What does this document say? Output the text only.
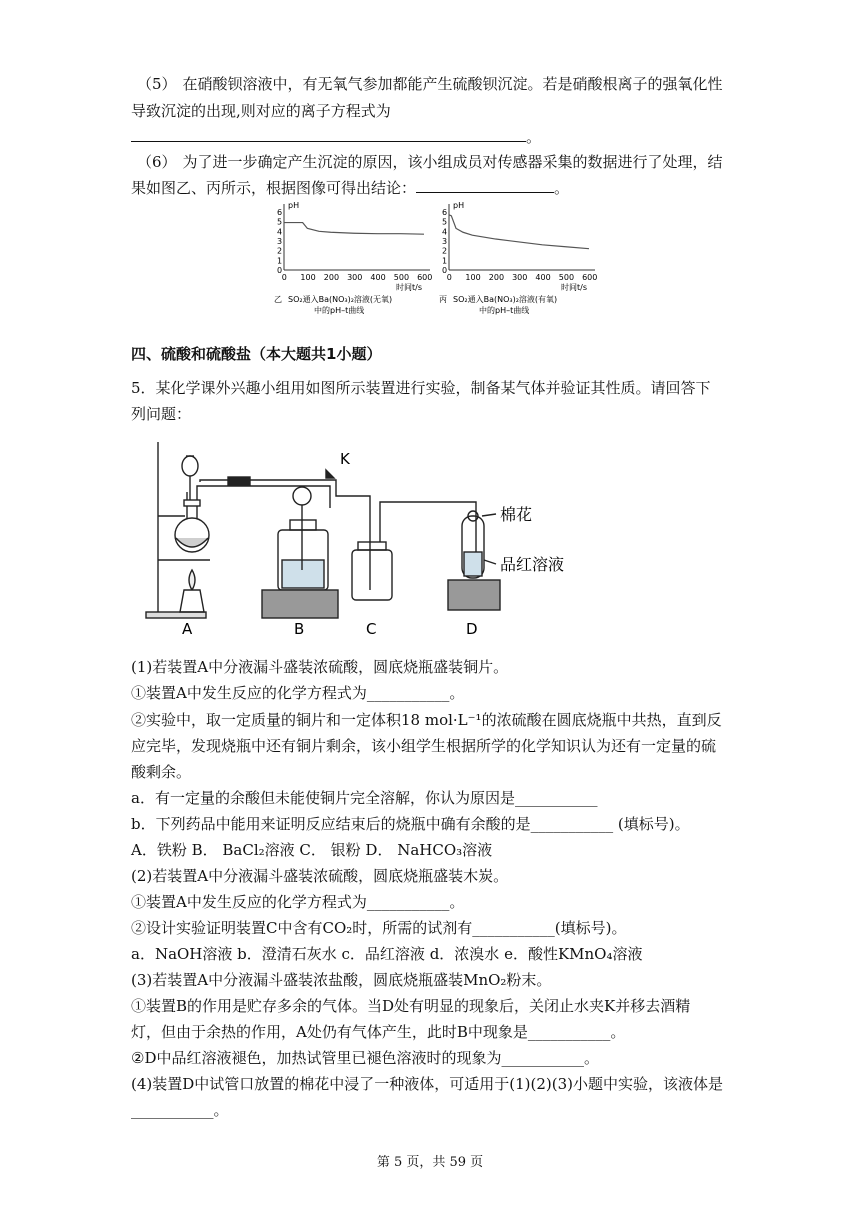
（5） 在硝酸钡溶液中，有无氧气参加都能产生硫酸钡沉淀。若是硝酸根离子的强氧化性
导致沉淀的出现,则对应的离子方程式为
。
（6） 为了进一步确定产生沉淀的原因，该小组成员对传感器采集的数据进行了处理，结
果如图乙、丙所示，根据图像可得出结论：	。
pH
0
1
2
3
4
5
6
0 100 200 300 400 500 600
时间t/s
乙 SO₂通入Ba(NO₃)₂溶液(无氧)
中的pH–t曲线
pH
0
1
2
3
4
5
6
0 100 200 300 400 500 600
时间t/s
丙 SO₂通入Ba(NO₃)₂溶液(有氧)
中的pH–t曲线
四、硫酸和硫酸盐（本大题共1小题）
5．某化学课外兴趣小组用如图所示装置进行实验，制备某气体并验证其性质。请回答下
列问题：
K
棉花
品红溶液
A	B	C	D
(1)若装置A中分液漏斗盛装浓硫酸，圆底烧瓶盛装铜片。
①装置A中发生反应的化学方程式为___________。
②实验中，取一定质量的铜片和一定体积18 mol·L⁻¹的浓硫酸在圆底烧瓶中共热，直到反
应完毕，发现烧瓶中还有铜片剩余，该小组学生根据所学的化学知识认为还有一定量的硫
酸剩余。
a．有一定量的余酸但未能使铜片完全溶解，你认为原因是___________
b．下列药品中能用来证明反应结束后的烧瓶中确有余酸的是___________ (填标号)。
A．铁粉 B． BaCl₂溶液 C． 银粉 D． NaHCO₃溶液
(2)若装置A中分液漏斗盛装浓硫酸，圆底烧瓶盛装木炭。
①装置A中发生反应的化学方程式为___________。
②设计实验证明装置C中含有CO₂时，所需的试剂有___________(填标号)。
a．NaOH溶液 b．澄清石灰水 c．品红溶液 d．浓溴水 e．酸性KMnO₄溶液
(3)若装置A中分液漏斗盛装浓盐酸，圆底烧瓶盛装MnO₂粉末。
①装置B的作用是贮存多余的气体。当D处有明显的现象后，关闭止水夹K并移去酒精
灯，但由于余热的作用，A处仍有气体产生，此时B中现象是___________。
②D中品红溶液褪色，加热试管里已褪色溶液时的现象为___________。
(4)装置D中试管口放置的棉花中浸了一种液体，可适用于(1)(2)(3)小题中实验，该液体是
___________。
第 5 页，共 59 页
